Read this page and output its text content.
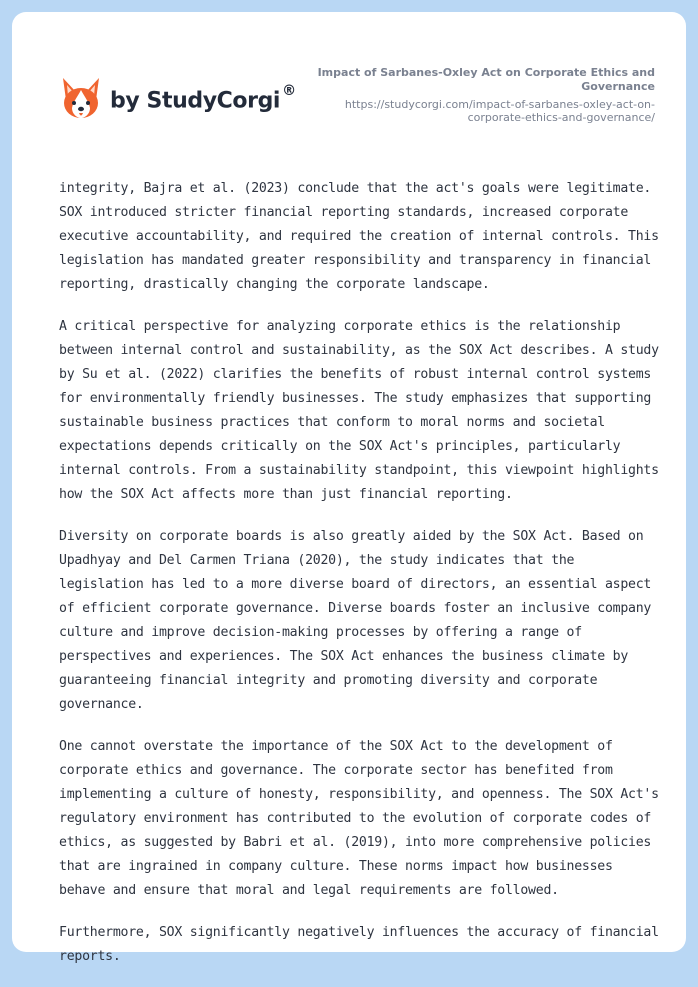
by StudyCorgi ®
Impact of Sarbanes-Oxley Act on Corporate Ethics and Governance
https://studycorgi.com/impact-of-sarbanes-oxley-act-on-corporate-ethics-and-governance/

integrity, Bajra et al. (2023) conclude that the act's goals were legitimate. SOX introduced stricter financial reporting standards, increased corporate executive accountability, and required the creation of internal controls. This legislation has mandated greater responsibility and transparency in financial reporting, drastically changing the corporate landscape.

A critical perspective for analyzing corporate ethics is the relationship between internal control and sustainability, as the SOX Act describes. A study by Su et al. (2022) clarifies the benefits of robust internal control systems for environmentally friendly businesses. The study emphasizes that supporting sustainable business practices that conform to moral norms and societal expectations depends critically on the SOX Act's principles, particularly internal controls. From a sustainability standpoint, this viewpoint highlights how the SOX Act affects more than just financial reporting.

Diversity on corporate boards is also greatly aided by the SOX Act. Based on Upadhyay and Del Carmen Triana (2020), the study indicates that the legislation has led to a more diverse board of directors, an essential aspect of efficient corporate governance. Diverse boards foster an inclusive company culture and improve decision-making processes by offering a range of perspectives and experiences. The SOX Act enhances the business climate by guaranteeing financial integrity and promoting diversity and corporate governance.

One cannot overstate the importance of the SOX Act to the development of corporate ethics and governance. The corporate sector has benefited from implementing a culture of honesty, responsibility, and openness. The SOX Act's regulatory environment has contributed to the evolution of corporate codes of ethics, as suggested by Babri et al. (2019), into more comprehensive policies that are ingrained in company culture. These norms impact how businesses behave and ensure that moral and legal requirements are followed.

Furthermore, SOX significantly negatively influences the accuracy of financial reports.
